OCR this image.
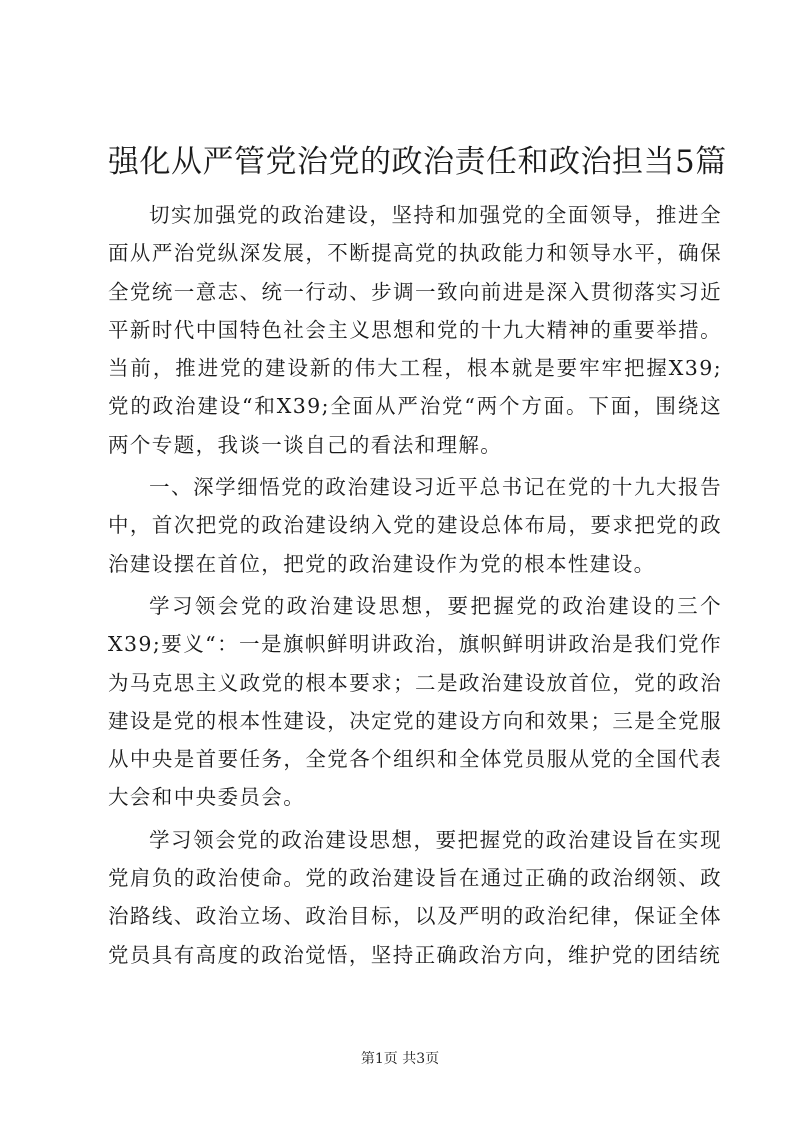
强化从严管党治党的政治责任和政治担当5篇

切实加强党的政治建设，坚持和加强党的全面领导，推进全面从严治党纵深发展，不断提高党的执政能力和领导水平，确保全党统一意志、统一行动、步调一致向前进是深入贯彻落实习近平新时代中国特色社会主义思想和党的十九大精神的重要举措。当前，推进党的建设新的伟大工程，根本就是要牢牢把握X39;党的政治建设“和X39;全面从严治党“两个方面。下面，围绕这两个专题，我谈一谈自己的看法和理解。

一、深学细悟党的政治建设习近平总书记在党的十九大报告中，首次把党的政治建设纳入党的建设总体布局，要求把党的政治建设摆在首位，把党的政治建设作为党的根本性建设。

学习领会党的政治建设思想，要把握党的政治建设的三个X39;要义“：一是旗帜鲜明讲政治，旗帜鲜明讲政治是我们党作为马克思主义政党的根本要求；二是政治建设放首位，党的政治建设是党的根本性建设，决定党的建设方向和效果；三是全党服从中央是首要任务，全党各个组织和全体党员服从党的全国代表大会和中央委员会。

学习领会党的政治建设思想，要把握党的政治建设旨在实现党肩负的政治使命。党的政治建设旨在通过正确的政治纲领、政治路线、政治立场、政治目标，以及严明的政治纪律，保证全体党员具有高度的政治觉悟，坚持正确政治方向，维护党的团结统

第1页 共3页
